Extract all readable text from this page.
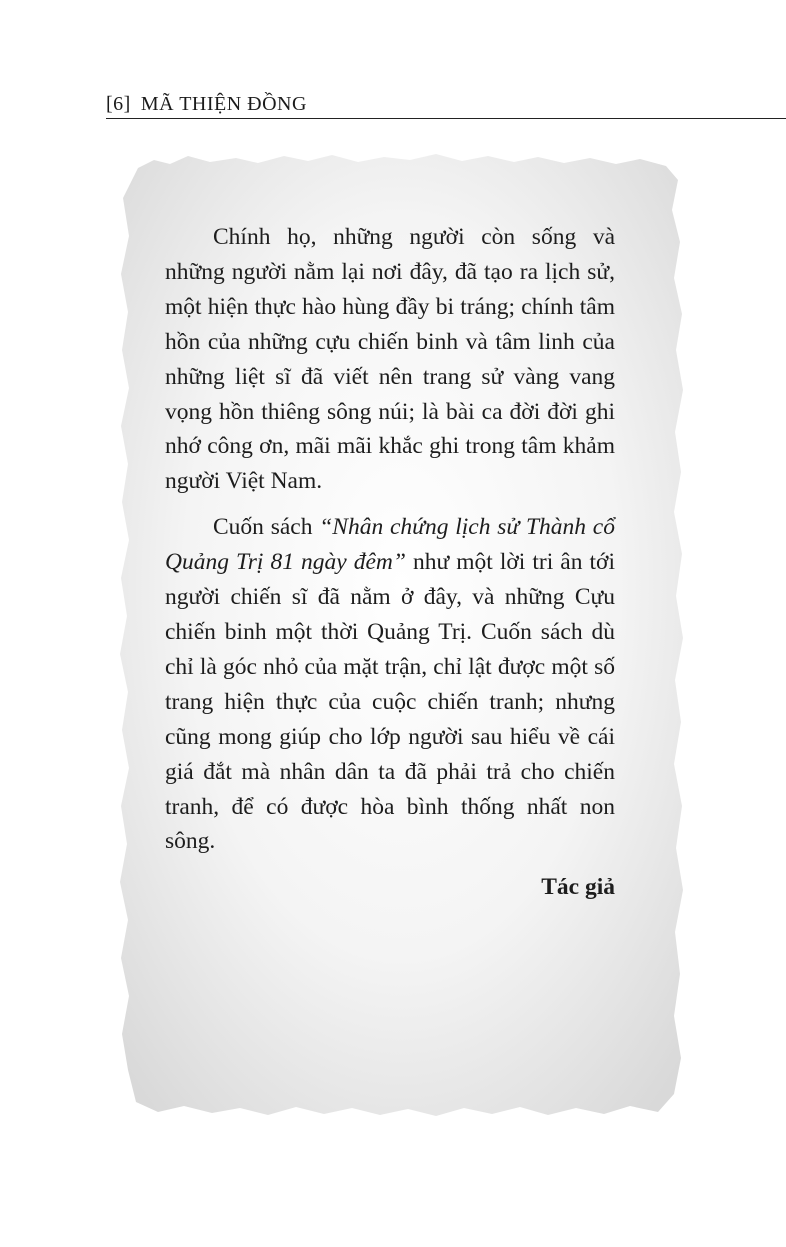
[6] MÃ THIỆN ĐỒNG

Chính họ, những người còn sống và những người nằm lại nơi đây, đã tạo ra lịch sử, một hiện thực hào hùng đầy bi tráng; chính tâm hồn của những cựu chiến binh và tâm linh của những liệt sĩ đã viết nên trang sử vàng vang vọng hồn thiêng sông núi; là bài ca đời đời ghi nhớ công ơn, mãi mãi khắc ghi trong tâm khảm người Việt Nam.

Cuốn sách “Nhân chứng lịch sử Thành cổ Quảng Trị 81 ngày đêm” như một lời tri ân tới người chiến sĩ đã nằm ở đây, và những Cựu chiến binh một thời Quảng Trị. Cuốn sách dù chỉ là góc nhỏ của mặt trận, chỉ lật được một số trang hiện thực của cuộc chiến tranh; nhưng cũng mong giúp cho lớp người sau hiểu về cái giá đắt mà nhân dân ta đã phải trả cho chiến tranh, để có được hòa bình thống nhất non sông.

Tác giả
